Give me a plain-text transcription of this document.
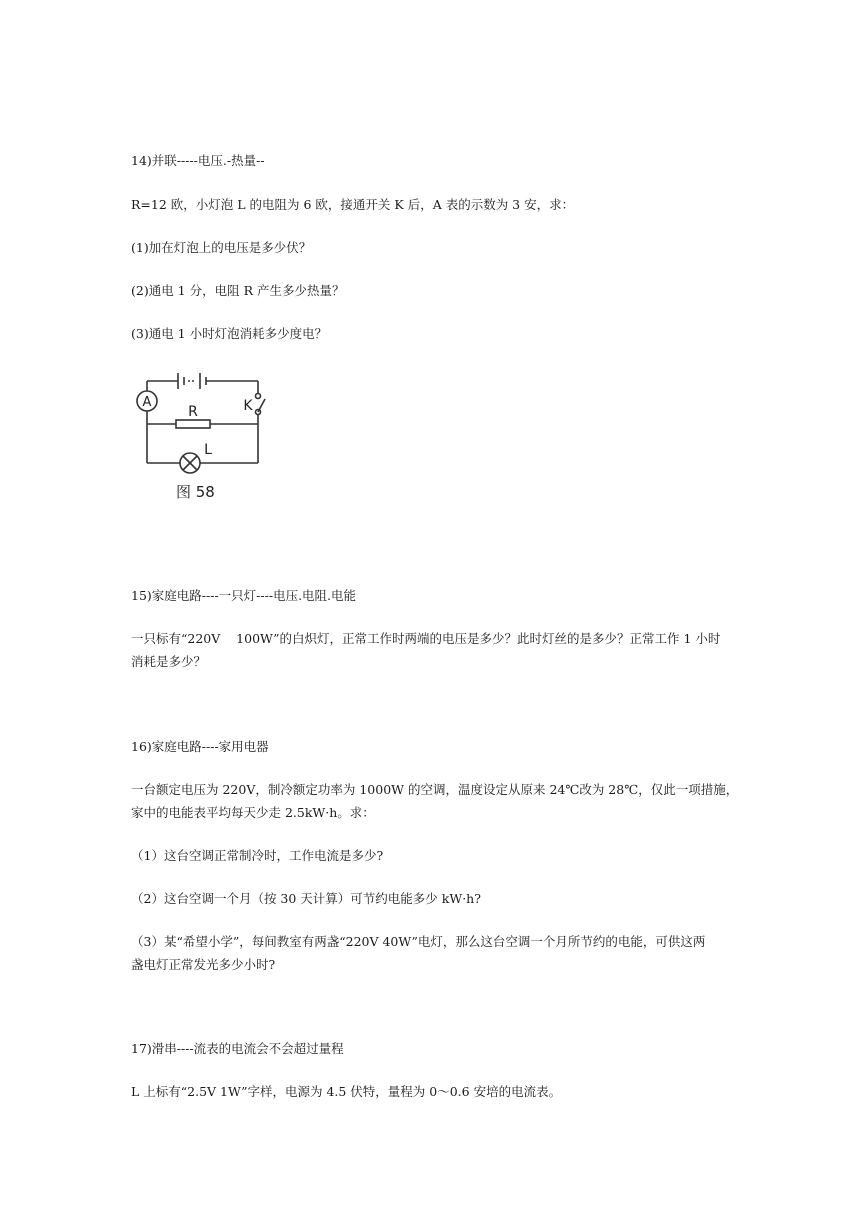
14)并联-----电压.-热量--

R=12 欧，小灯泡 L 的电阻为 6 欧，接通开关 K 后，A 表的示数为 3 安，求：

(1)加在灯泡上的电压是多少伏？

(2)通电 1 分，电阻 R 产生多少热量？

(3)通电 1 小时灯泡消耗多少度电？

A
R	K
L
图 58

15)家庭电路----一只灯----电压.电阻.电能

一只标有“220V    100W”的白炽灯，正常工作时两端的电压是多少？此时灯丝的是多少？正常工作 1 小时

消耗是多少？

16)家庭电路----家用电器

一台额定电压为 220V，制冷额定功率为 1000W 的空调，温度设定从原来 24℃改为 28℃，仅此一项措施，

家中的电能表平均每天少走 2.5kW·h。求：

（1）这台空调正常制冷时，工作电流是多少?

（2）这台空调一个月（按 30 天计算）可节约电能多少 kW·h?

（3）某“希望小学”，每间教室有两盏“220V 40W”电灯，那么这台空调一个月所节约的电能，可供这两

盏电灯正常发光多少小时?

17)滑串----流表的电流会不会超过量程

L 上标有“2.5V 1W”字样，电源为 4.5 伏特，量程为 0～0.6 安培的电流表。
